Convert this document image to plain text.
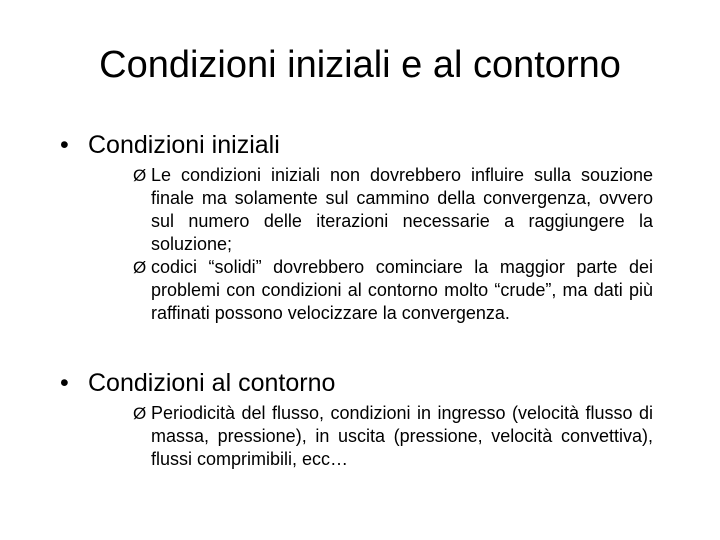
Condizioni iniziali e al contorno
• Condizioni iniziali

Ø Le condizioni iniziali non dovrebbero influire sulla souzione finale ma solamente sul cammino della convergenza, ovvero sul numero delle iterazioni necessarie a raggiungere la soluzione;

Ø codici “solidi” dovrebbero cominciare la maggior parte dei problemi con condizioni al contorno molto “crude”, ma dati più raffinati possono velocizzare la convergenza.

• Condizioni al contorno

Ø Periodicità del flusso, condizioni in ingresso (velocità flusso di massa, pressione), in uscita (pressione, velocità convettiva), flussi comprimibili, ecc…
